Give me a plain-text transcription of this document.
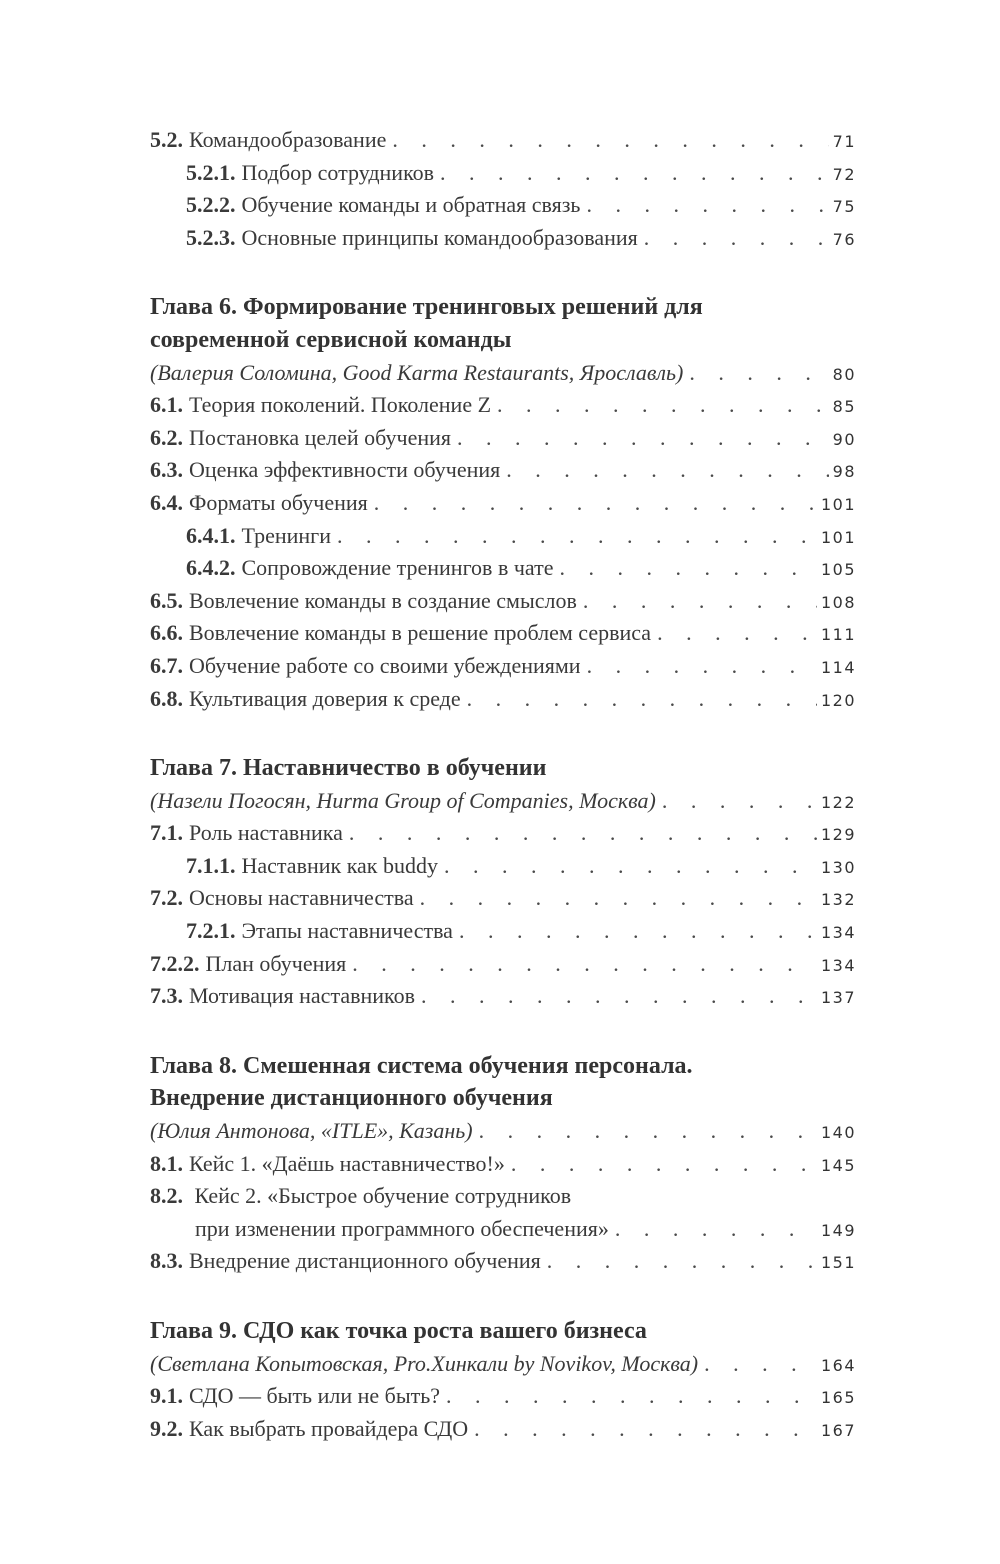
5.2. Командообразование . . .	71
5.2.1. Подбор сотрудников . . .	72
5.2.2. Обучение команды и обратная связь . . .	75
5.2.3. Основные принципы командообразования . . .	76
Глава 6. Формирование тренинговых решений для
современной сервисной команды
(Валерия Соломина, Good Karma Restaurants, Ярославль) . . .	80
6.1. Теория поколений. Поколение Z . . .	85
6.2. Постановка целей обучения . . .	90
6.3. Оценка эффективности обучения . . .	98
6.4. Форматы обучения . . .	101
6.4.1. Тренинги . . .	101
6.4.2. Сопровождение тренингов в чате . . .	105
6.5. Вовлечение команды в создание смыслов . . .	108
6.6. Вовлечение команды в решение проблем сервиса . . .	111
6.7. Обучение работе со своими убеждениями . . .	114
6.8. Культивация доверия к среде . . .	120
Глава 7. Наставничество в обучении
(Назели Погосян, Hurma Group of Companies, Москва) . . .	122
7.1. Роль наставника . . .	129
7.1.1. Наставник как buddy . . .	130
7.2. Основы наставничества . . .	132
7.2.1. Этапы наставничества . . .	134
7.2.2. План обучения . . .	134
7.3. Мотивация наставников . . .	137
Глава 8. Смешенная система обучения персонала.
Внедрение дистанционного обучения
(Юлия Антонова, «ITLE», Казань) . . .	140
8.1. Кейс 1. «Даёшь наставничество!» . . .	145
8.2. Кейс 2. «Быстрое обучение сотрудников
при изменении программного обеспечения» . . .	149
8.3. Внедрение дистанционного обучения . . .	151
Глава 9. СДО как точка роста вашего бизнеса
(Светлана Копытовская, Pro.Хинкали by Novikov, Москва) . . .	164
9.1. СДО — быть или не быть? . . .	165
9.2. Как выбрать провайдера СДО . . .	167
